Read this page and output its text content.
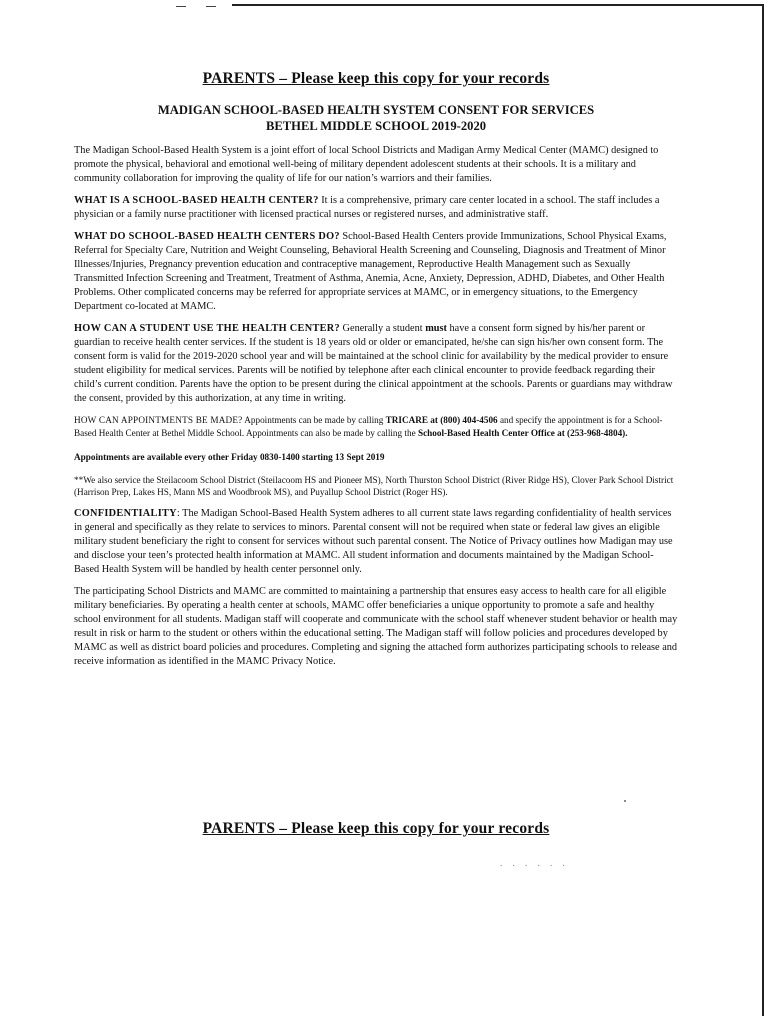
PARENTS – Please keep this copy for your records
MADIGAN SCHOOL-BASED HEALTH SYSTEM CONSENT FOR SERVICES
BETHEL MIDDLE SCHOOL 2019-2020

The Madigan School-Based Health System is a joint effort of local School Districts and Madigan Army Medical Center (MAMC) designed to promote the physical, behavioral and emotional well-being of military dependent adolescent students at their schools. It is a military and community collaboration for improving the quality of life for our nation’s warriors and their families.

WHAT IS A SCHOOL-BASED HEALTH CENTER? It is a comprehensive, primary care center located in a school. The staff includes a physician or a family nurse practitioner with licensed practical nurses or registered nurses, and administrative staff.

WHAT DO SCHOOL-BASED HEALTH CENTERS DO? School-Based Health Centers provide Immunizations, School Physical Exams, Referral for Specialty Care, Nutrition and Weight Counseling, Behavioral Health Screening and Counseling, Diagnosis and Treatment of Minor Illnesses/Injuries, Pregnancy prevention education and contraceptive management, Reproductive Health Management such as Sexually Transmitted Infection Screening and Treatment, Treatment of Asthma, Anemia, Acne, Anxiety, Depression, ADHD, Diabetes, and Other Health Problems. Other complicated concerns may be referred for appropriate services at MAMC, or in emergency situations, to the Emergency Department co-located at MAMC.

HOW CAN A STUDENT USE THE HEALTH CENTER? Generally a student must have a consent form signed by his/her parent or guardian to receive health center services. If the student is 18 years old or older or emancipated, he/she can sign his/her own consent form. The consent form is valid for the 2019-2020 school year and will be maintained at the school clinic for availability by the medical provider to ensure student eligibility for medical services. Parents will be notified by telephone after each clinical encounter to provide feedback regarding their child’s current condition. Parents have the option to be present during the clinical appointment at the schools. Parents or guardians may withdraw the consent, provided by this authorization, at any time in writing.

HOW CAN APPOINTMENTS BE MADE? Appointments can be made by calling TRICARE at (800) 404-4506 and specify the appointment is for a School-Based Health Center at Bethel Middle School. Appointments can also be made by calling the School-Based Health Center Office at (253-968-4804).

Appointments are available every other Friday 0830-1400 starting 13 Sept 2019

**We also service the Steilacoom School District (Steilacoom HS and Pioneer MS), North Thurston School District (River Ridge HS), Clover Park School District (Harrison Prep, Lakes HS, Mann MS and Woodbrook MS), and Puyallup School District (Roger HS).

CONFIDENTIALITY: The Madigan School-Based Health System adheres to all current state laws regarding confidentiality of health services in general and specifically as they relate to services to minors. Parental consent will not be required when state or federal law gives an eligible military student beneficiary the right to consent for services without such parental consent. The Notice of Privacy outlines how Madigan may use and disclose your teen’s protected health information at MAMC. All student information and documents maintained by the Madigan School-Based Health System will be handled by health center personnel only.

The participating School Districts and MAMC are committed to maintaining a partnership that ensures easy access to health care for all eligible military beneficiaries. By operating a health center at schools, MAMC offer beneficiaries a unique opportunity to promote a safe and healthy school environment for all students. Madigan staff will cooperate and communicate with the school staff whenever student behavior or health may result in risk or harm to the student or others within the educational setting. The Madigan staff will follow policies and procedures developed by MAMC as well as district board policies and procedures. Completing and signing the attached form authorizes participating schools to release and receive information as identified in the MAMC Privacy Notice.

PARENTS – Please keep this copy for your records
. . . . . .
